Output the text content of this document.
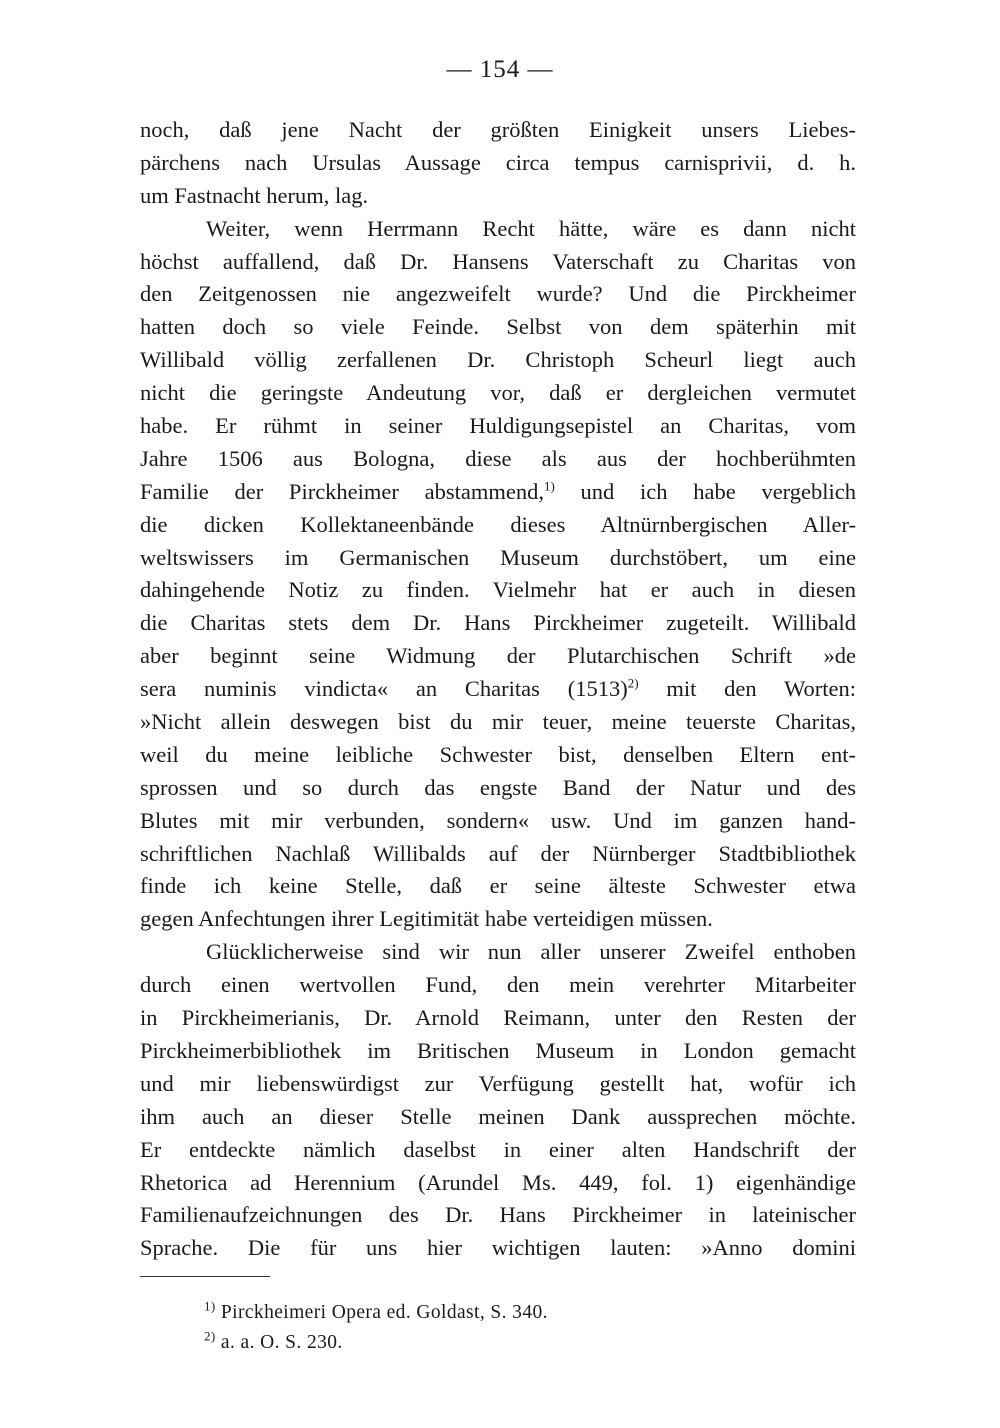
— 154 —
noch, daß jene Nacht der größten Einigkeit unsers Liebes-
pärchens nach Ursulas Aussage circa tempus carnisprivii, d. h.
um Fastnacht herum, lag.
Weiter, wenn Herrmann Recht hätte, wäre es dann nicht
höchst auffallend, daß Dr. Hansens Vaterschaft zu Charitas von
den Zeitgenossen nie angezweifelt wurde? Und die Pirckheimer
hatten doch so viele Feinde. Selbst von dem späterhin mit
Willibald völlig zerfallenen Dr. Christoph Scheurl liegt auch
nicht die geringste Andeutung vor, daß er dergleichen vermutet
habe. Er rühmt in seiner Huldigungsepistel an Charitas, vom
Jahre 1506 aus Bologna, diese als aus der hochberühmten
Familie der Pirckheimer abstammend,$^{1)}$ und ich habe vergeblich
die dicken Kollektaneenbände dieses Altnürnbergischen Aller-
weltswissers im Germanischen Museum durchstöbert, um eine
dahingehende Notiz zu finden. Vielmehr hat er auch in diesen
die Charitas stets dem Dr. Hans Pirckheimer zugeteilt. Willibald
aber beginnt seine Widmung der Plutarchischen Schrift »de
sera numinis vindicta« an Charitas $(1513)^{2)}$ mit den Worten:
»Nicht allein deswegen bist du mir teuer, meine teuerste Charitas,
weil du meine leibliche Schwester bist, denselben Eltern ent-
sprossen und so durch das engste Band der Natur und des
Blutes mit mir verbunden, sondern« usw. Und im ganzen hand-
schriftlichen Nachlaß Willibalds auf der Nürnberger Stadtbibliothek
finde ich keine Stelle, daß er seine älteste Schwester etwa
gegen Anfechtungen ihrer Legitimität habe verteidigen müssen.
Glücklicherweise sind wir nun aller unserer Zweifel enthoben
durch einen wertvollen Fund, den mein verehrter Mitarbeiter
in Pirckheimerianis, Dr. Arnold Reimann, unter den Resten der
Pirckheimerbibliothek im Britischen Museum in London gemacht
und mir liebenswürdigst zur Verfügung gestellt hat, wofür ich
ihm auch an dieser Stelle meinen Dank aussprechen möchte.
Er entdeckte nämlich daselbst in einer alten Handschrift der
Rhetorica ad Herennium (Arundel Ms. 449, fol. 1) eigenhändige
Familienaufzeichnungen des Dr. Hans Pirckheimer in lateinischer
Sprache. Die für uns hier wichtigen lauten: »Anno domini
$^{1)}$ Pirckheimeri Opera ed. Goldast, S. 340.
$^{2)}$ a. a. O. S. 230.
